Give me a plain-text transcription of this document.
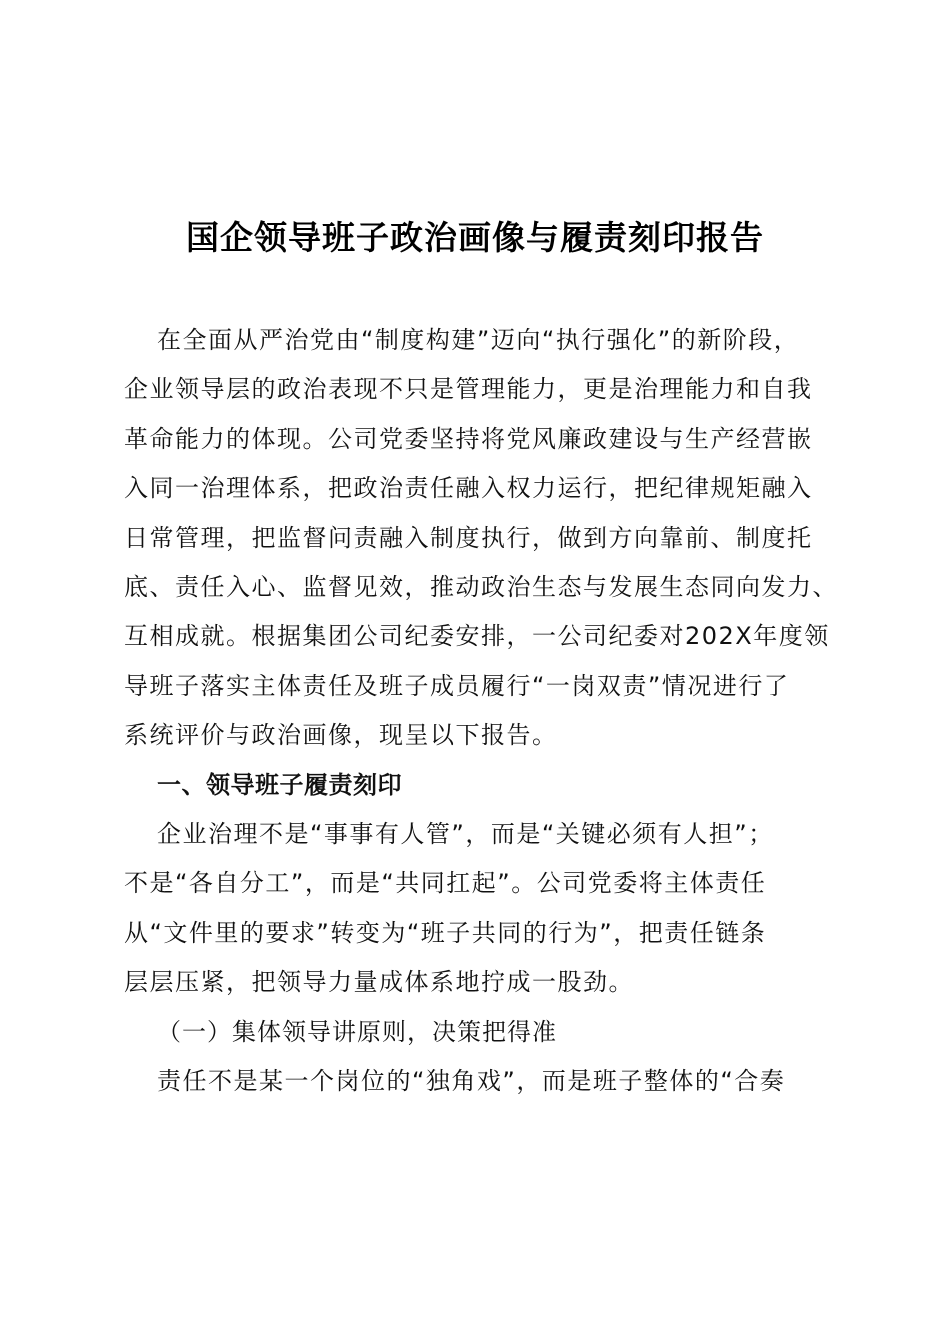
国企领导班子政治画像与履责刻印报告

在全面从严治党由“制度构建”迈向“执行强化”的新阶段，
企业领导层的政治表现不只是管理能力，更是治理能力和自我
革命能力的体现。公司党委坚持将党风廉政建设与生产经营嵌
入同一治理体系，把政治责任融入权力运行，把纪律规矩融入
日常管理，把监督问责融入制度执行，做到方向靠前、制度托
底、责任入心、监督见效，推动政治生态与发展生态同向发力、
互相成就。根据集团公司纪委安排，一公司纪委对202X年度领
导班子落实主体责任及班子成员履行“一岗双责”情况进行了
系统评价与政治画像，现呈以下报告。

一、领导班子履责刻印

企业治理不是“事事有人管”，而是“关键必须有人担”；
不是“各自分工”，而是“共同扛起”。公司党委将主体责任
从“文件里的要求”转变为“班子共同的行为”，把责任链条
层层压紧，把领导力量成体系地拧成一股劲。

（一）集体领导讲原则，决策把得准

责任不是某一个岗位的“独角戏”，而是班子整体的“合奏
